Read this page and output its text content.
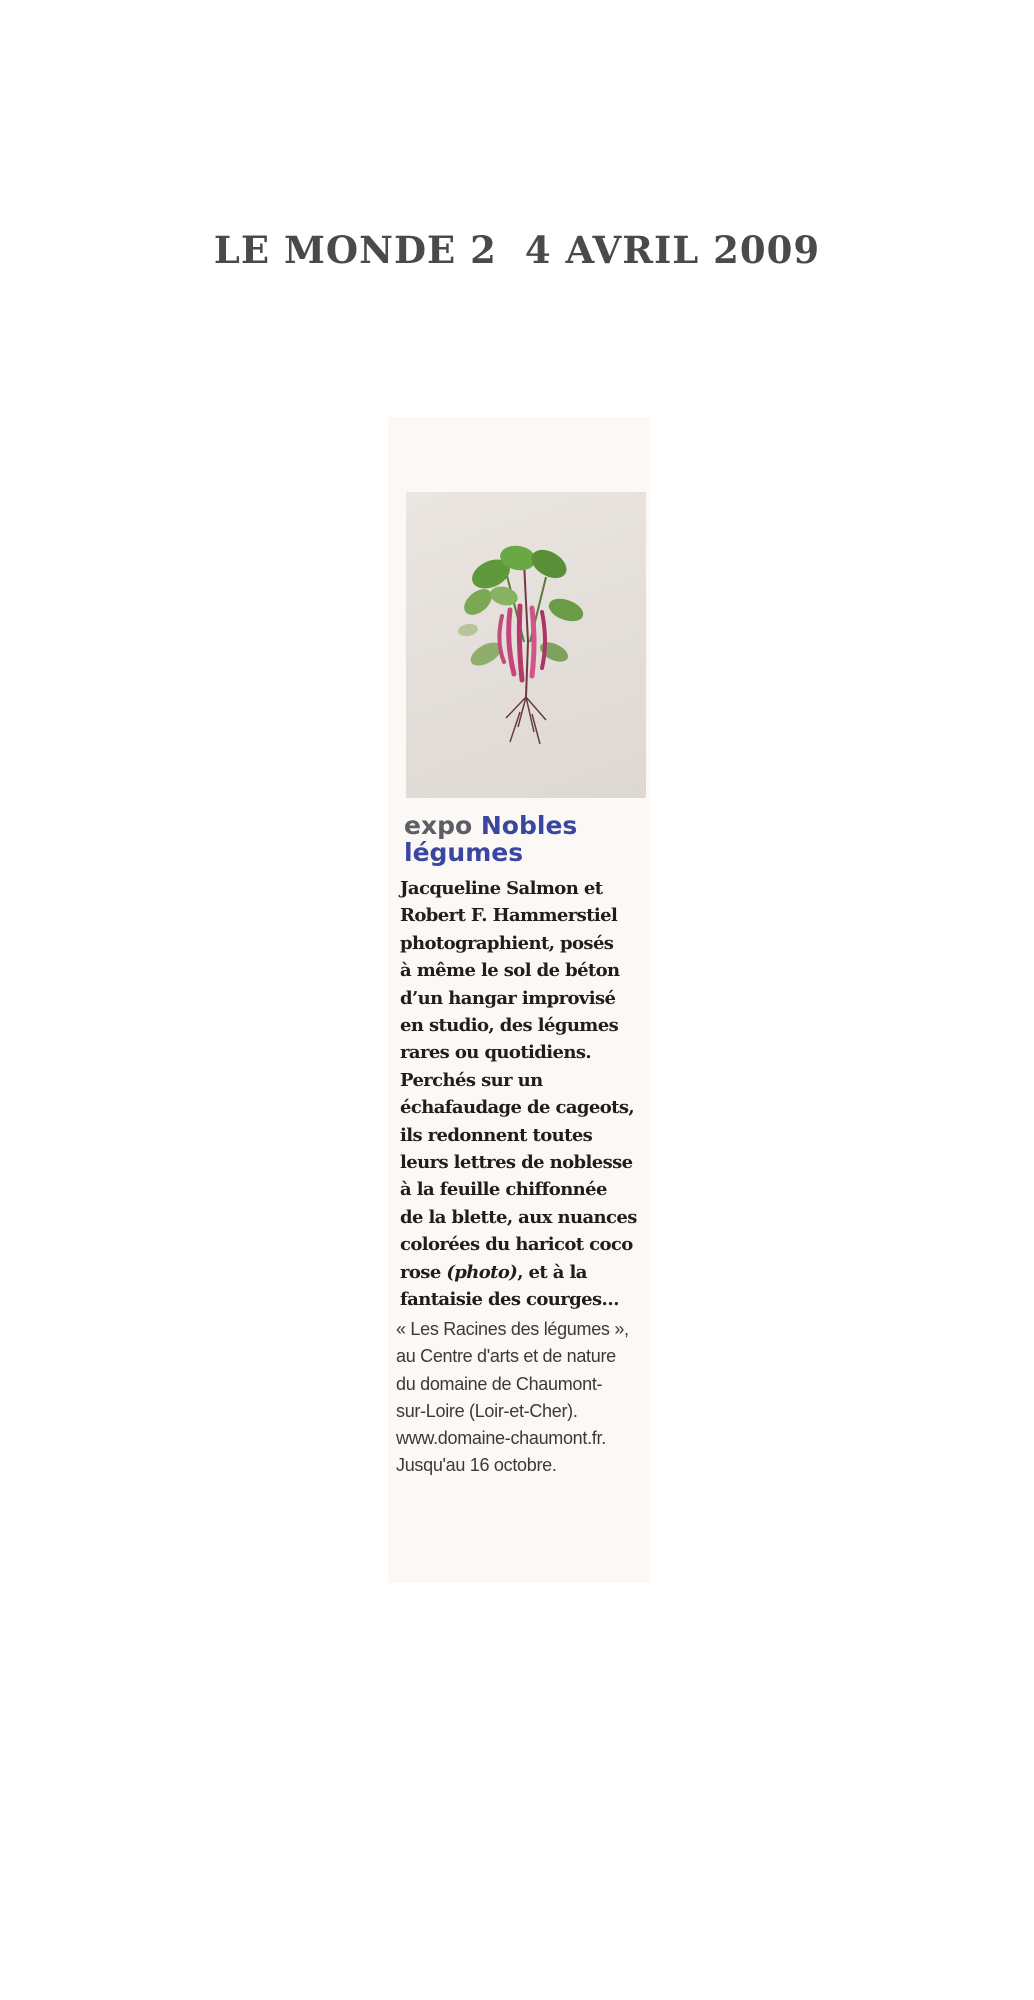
LE MONDE 2 4 AVRIL 2009
expo Nobles
légumes

Jacqueline Salmon et
Robert F. Hammerstiel
photographient, posés
à même le sol de béton
d’un hangar improvisé
en studio, des légumes
rares ou quotidiens.
Perchés sur un
échafaudage de cageots,
ils redonnent toutes
leurs lettres de noblesse
à la feuille chiffonnée
de la blette, aux nuances
colorées du haricot coco
rose (photo), et à la
fantaisie des courges…

« Les Racines des légumes »,
au Centre d'arts et de nature
du domaine de Chaumont-
sur-Loire (Loir-et-Cher).
www.domaine-chaumont.fr.
Jusqu'au 16 octobre.
